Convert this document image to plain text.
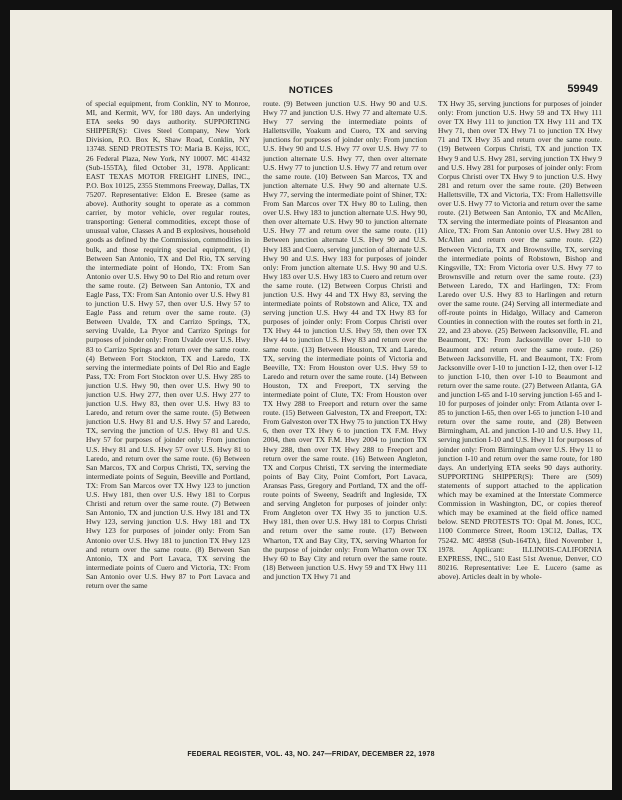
NOTICES	59949

of special equipment, from Conklin, NY to Monroe, MI, and Kermit, WV, for 180 days. An underlying ETA seeks 90 days authority. SUPPORTING SHIPPER(S): Cives Steel Company, New York Division, P.O. Box K, Shaw Road, Conklin, NY 13748. SEND PROTESTS TO: Maria B. Kejss, ICC, 26 Federal Plaza, New York, NY 10007. MC 41432 (Sub-155TA), filed October 31, 1978. Applicant: EAST TEXAS MOTOR FREIGHT LINES, INC., P.O. Box 10125, 2355 Stemmons Freeway, Dallas, TX 75207. Representative: Eldon E. Bresee (same as above). Authority sought to operate as a common carrier, by motor vehicle, over regular routes, transporting: General commodities, except those of unusual value, Classes A and B explosives, household goods as defined by the Commission, commodities in bulk, and those requiring special equipment, (1) Between San Antonio, TX and Del Rio, TX serving the intermediate point of Hondo, TX: From San Antonio over U.S. Hwy 90 to Del Rio and return over the same route. (2) Between San Antonio, TX and Eagle Pass, TX: From San Antonio over U.S. Hwy 81 to junction U.S. Hwy 57, then over U.S. Hwy 57 to Eagle Pass and return over the same route. (3) Between Uvalde, TX and Carrizo Springs, TX, serving Uvalde, La Pryor and Carrizo Springs for purposes of joinder only: From Uvalde over U.S. Hwy 83 to Carrizo Springs and return over the same route. (4) Between Fort Stockton, TX and Laredo, TX serving the intermediate points of Del Rio and Eagle Pass, TX: From Fort Stockton over U.S. Hwy 285 to junction U.S. Hwy 90, then over U.S. Hwy 90 to junction U.S. Hwy 277, then over U.S. Hwy 277 to junction U.S. Hwy 83, then over U.S. Hwy 83 to Laredo, and return over the same route. (5) Between junction U.S. Hwy 81 and U.S. Hwy 57 and Laredo, TX, serving the junction of U.S. Hwy 81 and U.S. Hwy 57 for purposes of joinder only: From junction U.S. Hwy 81 and U.S. Hwy 57 over U.S. Hwy 81 to Laredo, and return over the same route. (6) Between San Marcos, TX and Corpus Christi, TX, serving the intermediate points of Seguin, Beeville and Portland, TX: From San Marcos over TX Hwy 123 to junction U.S. Hwy 181, then over U.S. Hwy 181 to Corpus Christi and return over the same route. (7) Between San Antonio, TX and junction U.S. Hwy 181 and TX Hwy 123, serving junction U.S. Hwy 181 and TX Hwy 123 for purposes of joinder only: From San Antonio over U.S. Hwy 181 to junction TX Hwy 123 and return over the same route. (8) Between San Antonio, TX and Port Lavaca, TX serving the intermediate points of Cuero and Victoria, TX: From San Antonio over U.S. Hwy 87 to Port Lavaca and return over the same

route. (9) Between junction U.S. Hwy 90 and U.S. Hwy 77 and junction U.S. Hwy 77 and alternate U.S. Hwy 77 serving the intermediate points of Hallettsville, Yoakum and Cuero, TX and serving junctions for purposes of joinder only: From junction U.S. Hwy 90 and U.S. Hwy 77 over U.S. Hwy 77 to junction alternate U.S. Hwy 77, then over alternate U.S. Hwy 77 to junction U.S. Hwy 77 and return over the same route. (10) Between San Marcos, TX and junction alternate U.S. Hwy 90 and alternate U.S. Hwy 77, serving the intermediate point of Shiner, TX: From San Marcos over TX Hwy 80 to Luling, then over U.S. Hwy 183 to junction alternate U.S. Hwy 90, then over alternate U.S. Hwy 90 to junction alternate U.S. Hwy 77 and return over the same route. (11) Between junction alternate U.S. Hwy 90 and U.S. Hwy 183 and Cuero, serving junction of alternate U.S. Hwy 90 and U.S. Hwy 183 for purposes of joinder only: From junction alternate U.S. Hwy 90 and U.S. Hwy 183 over U.S. Hwy 183 to Cuero and return over the same route. (12) Between Corpus Christi and junction U.S. Hwy 44 and TX Hwy 83, serving the intermediate points of Robstown and Alice, TX and serving junction U.S. Hwy 44 and TX Hwy 83 for purposes of joinder only: From Corpus Christi over TX Hwy 44 to junction U.S. Hwy 59, then over TX Hwy 44 to junction U.S. Hwy 83 and return over the same route. (13) Between Houston, TX and Laredo, TX, serving the intermediate points of Victoria and Beeville, TX: From Houston over U.S. Hwy 59 to Laredo and return over the same route. (14) Between Houston, TX and Freeport, TX serving the intermediate point of Clute, TX: From Houston over TX Hwy 288 to Freeport and return over the same route. (15) Between Galveston, TX and Freeport, TX: From Galveston over TX Hwy 75 to junction TX Hwy 6, then over TX Hwy 6 to junction TX F.M. Hwy 2004, then over TX F.M. Hwy 2004 to junction TX Hwy 288, then over TX Hwy 288 to Freeport and return over the same route. (16) Between Angleton, TX and Corpus Christi, TX serving the intermediate points of Bay City, Point Comfort, Port Lavaca, Aransas Pass, Gregory and Portland, TX and the off-route points of Sweeny, Seadrift and Ingleside, TX and serving Angleton for purposes of joinder only: From Angleton over TX Hwy 35 to junction U.S. Hwy 181, then over U.S. Hwy 181 to Corpus Christi and return over the same route. (17) Between Wharton, TX and Bay City, TX, serving Wharton for the purpose of joinder only: From Wharton over TX Hwy 60 to Bay City and return over the same route. (18) Between junction U.S. Hwy 59 and TX Hwy 111 and junction TX Hwy 71 and

TX Hwy 35, serving junctions for purposes of joinder only: From junction U.S. Hwy 59 and TX Hwy 111 over TX Hwy 111 to junction TX Hwy 111 and TX Hwy 71, then over TX Hwy 71 to junction TX Hwy 71 and TX Hwy 35 and return over the same route. (19) Between Corpus Christi, TX and junction TX Hwy 9 and U.S. Hwy 281, serving junction TX Hwy 9 and U.S. Hwy 281 for purposes of joinder only: From Corpus Christi over TX Hwy 9 to junction U.S. Hwy 281 and return over the same route. (20) Between Hallettsville, TX and Victoria, TX: From Hallettsville over U.S. Hwy 77 to Victoria and return over the same route. (21) Between San Antonio, TX and McAllen, TX serving the intermediate points of Pleasanton and Alice, TX: From San Antonio over U.S. Hwy 281 to McAllen and return over the same route. (22) Between Victoria, TX and Brownsville, TX, serving the intermediate points of Robstown, Bishop and Kingsville, TX: From Victoria over U.S. Hwy 77 to Brownsville and return over the same route. (23) Between Laredo, TX and Harlingen, TX: From Laredo over U.S. Hwy 83 to Harlingen and return over the same route. (24) Serving all intermediate and off-route points in Hidalgo, Willacy and Cameron Counties in connection with the routes set forth in 21, 22, and 23 above. (25) Between Jacksonville, FL and Beaumont, TX: From Jacksonville over I-10 to Beaumont and return over the same route. (26) Between Jacksonville, FL and Beaumont, TX: From Jacksonville over I-10 to junction I-12, then over I-12 to junction I-10, then over I-10 to Beaumont and return over the same route. (27) Between Atlanta, GA and junction I-65 and I-10 serving junction I-65 and I-10 for purposes of joinder only: From Atlanta over I-85 to junction I-65, then over I-65 to junction I-10 and return over the same route, and (28) Between Birmingham, AL and junction I-10 and U.S. Hwy 11, serving junction I-10 and U.S. Hwy 11 for purposes of joinder only: From Birmingham over U.S. Hwy 11 to junction I-10 and return over the same route, for 180 days. An underlying ETA seeks 90 days authority. SUPPORTING SHIPPER(S): There are (509) statements of support attached to the application which may be examined at the Interstate Commerce Commission in Washington, DC, or copies thereof which may be examined at the field office named below. SEND PROTESTS TO: Opal M. Jones, ICC, 1100 Commerce Street, Room 13C12, Dallas, TX 75242. MC 48958 (Sub-164TA), filed November 1, 1978. Applicant: ILLINOIS-CALIFORNIA EXPRESS, INC., 510 East 51st Avenue, Denver, CO 80216. Representative: Lee E. Lucero (same as above). Articles dealt in by whole-

FEDERAL REGISTER, VOL. 43, NO. 247—FRIDAY, DECEMBER 22, 1978
